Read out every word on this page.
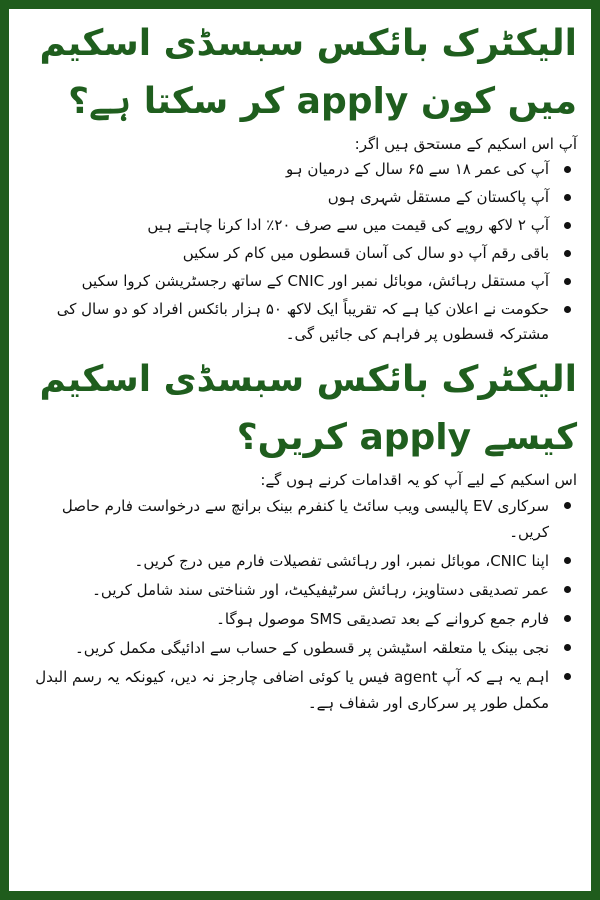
الیکٹرک بائکس سبسڈی اسکیم میں کون apply کر سکتا ہے؟

آپ اس اسکیم کے مستحق ہیں اگر:

آپ کی عمر ۱۸ سے ۶۵ سال کے درمیان ہو
آپ پاکستان کے مستقل شہری ہوں
آپ ۲ لاکھ روپے کی قیمت میں سے صرف ۲۰٪ ادا کرنا چاہتے ہیں
باقی رقم آپ دو سال کی آسان قسطوں میں کام کر سکیں
آپ مستقل رہائش، موبائل نمبر اور CNIC کے ساتھ رجسٹریشن کروا سکیں
حکومت نے اعلان کیا ہے کہ تقریباً ایک لاکھ ۵۰ ہزار بائکس افراد کو دو سال کی مشترکہ قسطوں پر فراہم کی جائیں گی۔
الیکٹرک بائکس سبسڈی اسکیم کیسے apply کریں؟

اس اسکیم کے لیے آپ کو یہ اقدامات کرنے ہوں گے:

سرکاری EV پالیسی ویب سائٹ یا کنفرم بینک برانچ سے درخواست فارم حاصل کریں۔
اپنا CNIC، موبائل نمبر، اور رہائشی تفصیلات فارم میں درج کریں۔
عمر تصدیقی دستاویز، رہائش سرٹیفیکیٹ، اور شناختی سند شامل کریں۔
فارم جمع کروانے کے بعد تصدیقی SMS موصول ہوگا۔
نجی بینک یا متعلقہ اسٹیشن پر قسطوں کے حساب سے ادائیگی مکمل کریں۔
اہم یہ ہے کہ آپ agent فیس یا کوئی اضافی چارجز نہ دیں، کیونکہ یہ رسم البدل مکمل طور پر سرکاری اور شفاف ہے۔
